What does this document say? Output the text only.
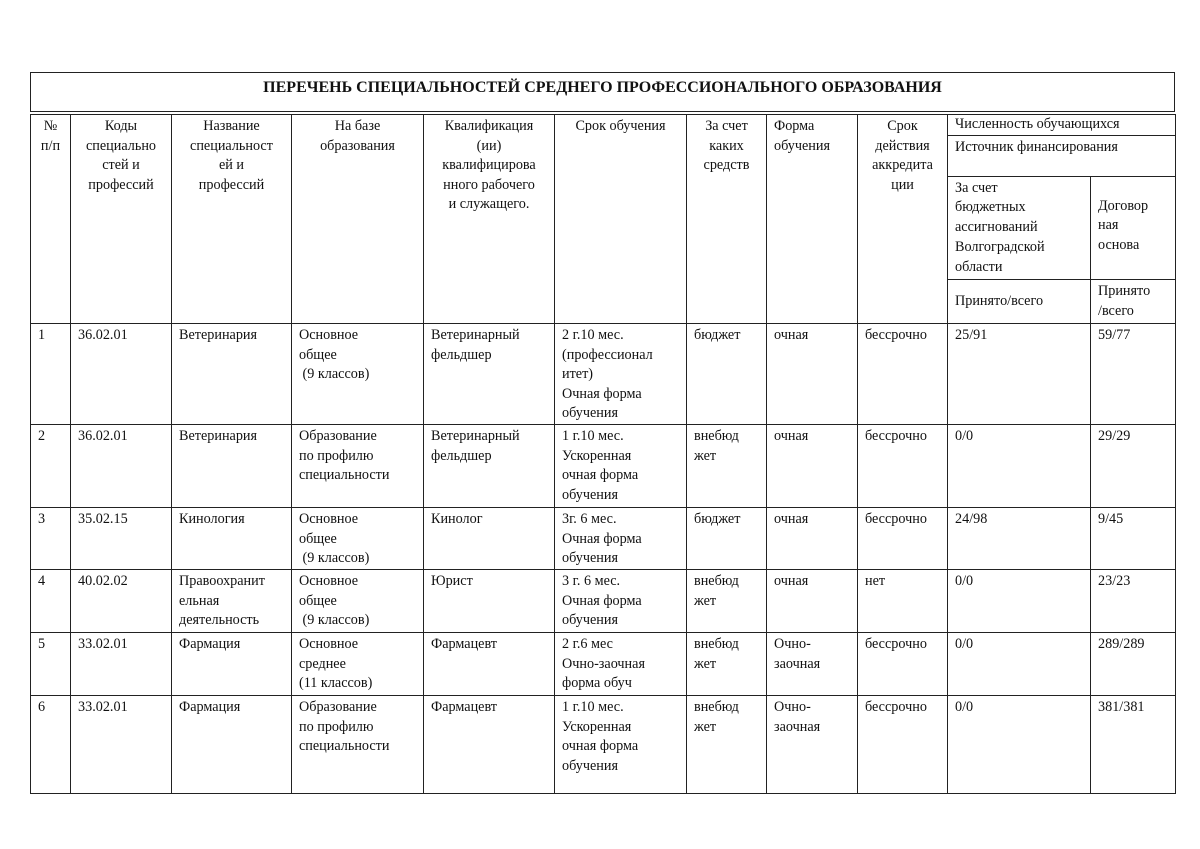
ПЕРЕЧЕНЬ СПЕЦИАЛЬНОСТЕЙ СРЕДНЕГО ПРОФЕССИОНАЛЬНОГО ОБРАЗОВАНИЯ
№
п/п	Коды
специально
стей и
профессий	Название
специальност
ей и
профессий	На базе
образования	Квалификация
(ии)
квалифицирова
нного рабочего
и служащего.	Срок обучения	За счет
каких
средств	Форма
обучения	Срок
действия
аккредита
ции	Численность обучающихся	
									Источник финансирования	
									За счет
бюджетных
ассигнований
Волгоградской
области	Договор
ная
основа
									Принято/всего	Принято
/всего
1	36.02.01	Ветеринария	Основное
общее
(9 классов)	Ветеринарный
фельдшер	2 г.10 мес.
(профессионал
итет)
Очная форма
обучения	бюджет	очная	бессрочно	25/91	59/77
2	36.02.01	Ветеринария	Образование
по профилю
специальности	Ветеринарный
фельдшер	1 г.10 мес.
Ускоренная
очная форма
обучения	внебюд
жет	очная	бессрочно	0/0	29/29
3	35.02.15	Кинология	Основное
общее
(9 классов)	Кинолог	3г. 6 мес.
Очная форма
обучения	бюджет	очная	бессрочно	24/98	9/45
4	40.02.02	Правоохранит
ельная
деятельность	Основное
общее
(9 классов)	Юрист	3 г. 6 мес.
Очная форма
обучения	внебюд
жет	очная	нет	0/0	23/23
5	33.02.01	Фармация	Основное
среднее
(11 классов)	Фармацевт	2 г.6 мес
Очно-заочная
форма обуч	внебюд
жет	Очно-
заочная	бессрочно	0/0	289/289
6	33.02.01	Фармация	Образование
по профилю
специальности	Фармацевт	1 г.10 мес.
Ускоренная
очная форма
обучения	внебюд
жет	Очно-
заочная	бессрочно	0/0	381/381
